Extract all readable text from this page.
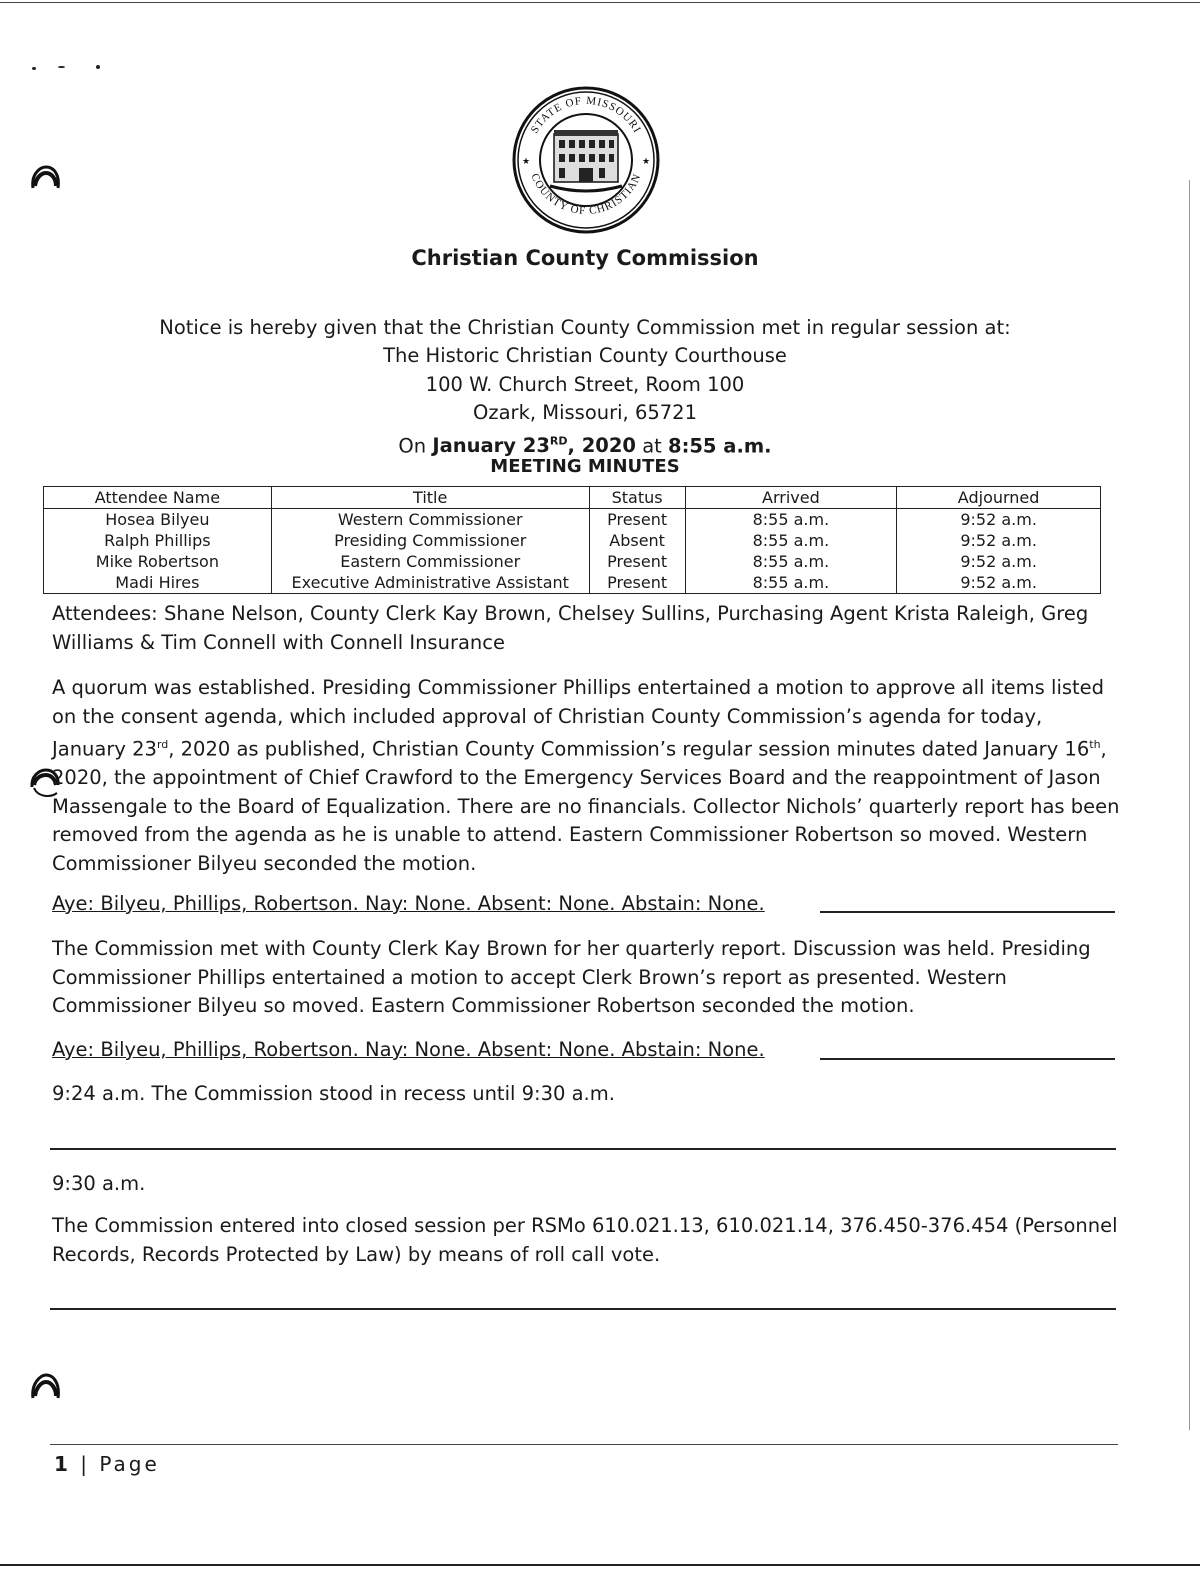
STATE OF MISSOURI
COUNTY OF CHRISTIAN
★	★
Christian County Commission
Notice is hereby given that the Christian County Commission met in regular session at:
The Historic Christian County Courthouse
100 W. Church Street, Room 100
Ozark, Missouri, 65721
On January 23RD, 2020 at 8:55 a.m.
MEETING MINUTES
Attendee Name	Title	Status	Arrived	Adjourned
Hosea Bilyeu	Western Commissioner	Present	8:55 a.m.	9:52 a.m.
Ralph Phillips	Presiding Commissioner	Absent	8:55 a.m.	9:52 a.m.
Mike Robertson	Eastern Commissioner	Present	8:55 a.m.	9:52 a.m.
Madi Hires	Executive Administrative Assistant	Present	8:55 a.m.	9:52 a.m.
Attendees: Shane Nelson, County Clerk Kay Brown, Chelsey Sullins, Purchasing Agent Krista Raleigh, Greg Williams & Tim Connell with Connell Insurance
A quorum was established. Presiding Commissioner Phillips entertained a motion to approve all items listed on the consent agenda, which included approval of Christian County Commission’s agenda for today, January 23rd, 2020 as published, Christian County Commission’s regular session minutes dated January 16th, 2020, the appointment of Chief Crawford to the Emergency Services Board and the reappointment of Jason Massengale to the Board of Equalization. There are no financials. Collector Nichols’ quarterly report has been removed from the agenda as he is unable to attend. Eastern Commissioner Robertson so moved. Western Commissioner Bilyeu seconded the motion.
Aye: Bilyeu, Phillips, Robertson. Nay: None. Absent: None. Abstain: None.
The Commission met with County Clerk Kay Brown for her quarterly report. Discussion was held. Presiding Commissioner Phillips entertained a motion to accept Clerk Brown’s report as presented. Western Commissioner Bilyeu so moved. Eastern Commissioner Robertson seconded the motion.
Aye: Bilyeu, Phillips, Robertson. Nay: None. Absent: None. Abstain: None.
9:24 a.m. The Commission stood in recess until 9:30 a.m.
9:30 a.m.
The Commission entered into closed session per RSMo 610.021.13, 610.021.14, 376.450-376.454 (Personnel Records, Records Protected by Law) by means of roll call vote.
1 | Page
